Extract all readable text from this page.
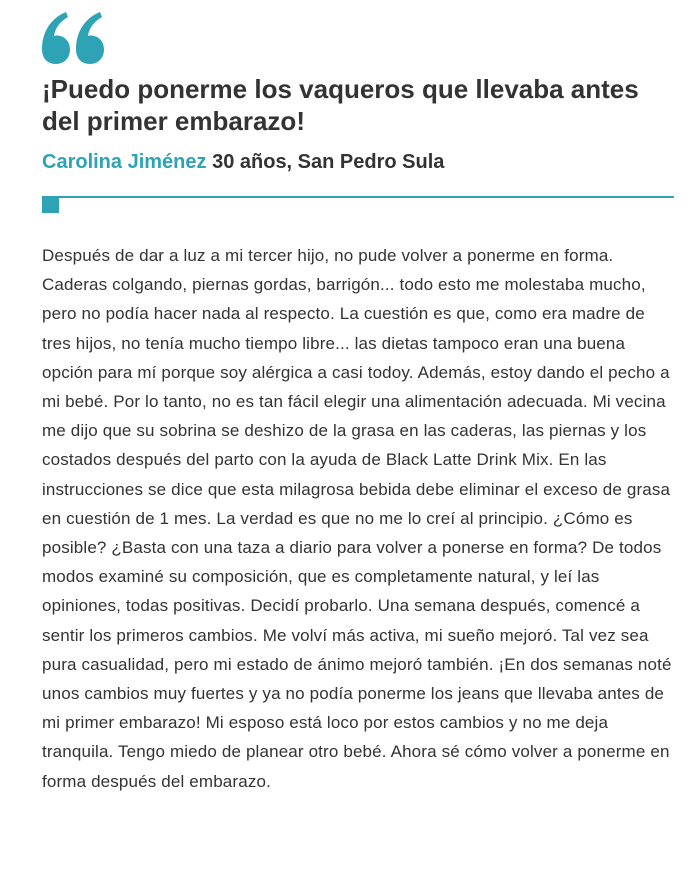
¡Puedo ponerme los vaqueros que llevaba antes del primer embarazo!

Carolina Jiménez 30 años, San Pedro Sula

Después de dar a luz a mi tercer hijo, no pude volver a ponerme en forma. Caderas colgando, piernas gordas, barrigón... todo esto me molestaba mucho, pero no podía hacer nada al respecto. La cuestión es que, como era madre de tres hijos, no tenía mucho tiempo libre... las dietas tampoco eran una buena opción para mí porque soy alérgica a casi todoy. Además, estoy dando el pecho a mi bebé. Por lo tanto, no es tan fácil elegir una alimentación adecuada. Mi vecina me dijo que su sobrina se deshizo de la grasa en las caderas, las piernas y los costados después del parto con la ayuda de Black Latte Drink Mix. En las instrucciones se dice que esta milagrosa bebida debe eliminar el exceso de grasa en cuestión de 1 mes. La verdad es que no me lo creí al principio. ¿Cómo es posible? ¿Basta con una taza a diario para volver a ponerse en forma? De todos modos examiné su composición, que es completamente natural, y leí las opiniones, todas positivas. Decidí probarlo. Una semana después, comencé a sentir los primeros cambios. Me volví más activa, mi sueño mejoró. Tal vez sea pura casualidad, pero mi estado de ánimo mejoró también. ¡En dos semanas noté unos cambios muy fuertes y ya no podía ponerme los jeans que llevaba antes de mi primer embarazo! Mi esposo está loco por estos cambios y no me deja tranquila. Tengo miedo de planear otro bebé. Ahora sé cómo volver a ponerme en forma después del embarazo.
